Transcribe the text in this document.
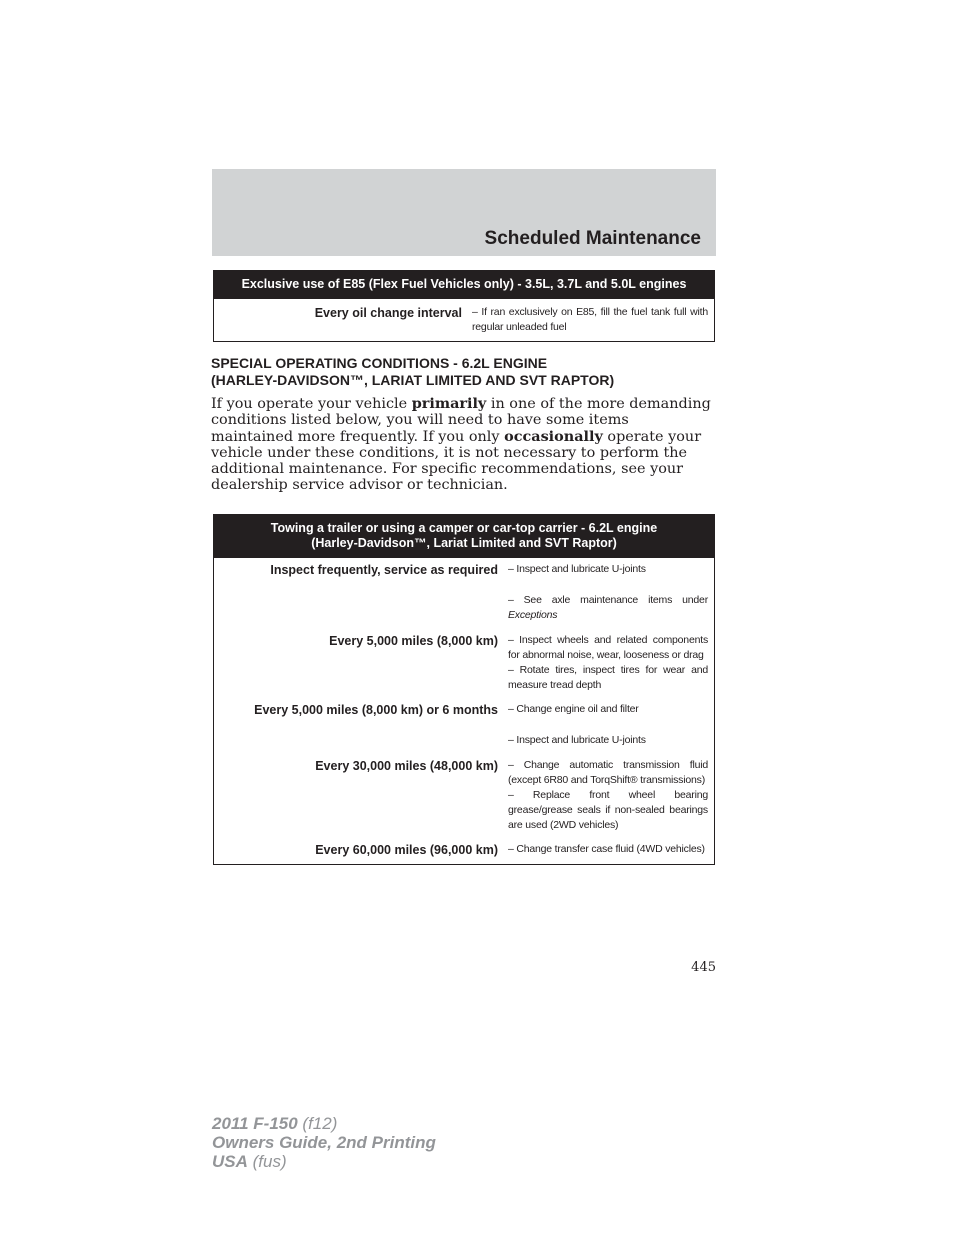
Scheduled Maintenance
Exclusive use of E85 (Flex Fuel Vehicles only) - 3.5L, 3.7L and 5.0L engines
Every oil change interval	– If ran exclusively on E85, fill the fuel tank full with regular unleaded fuel
SPECIAL OPERATING CONDITIONS - 6.2L ENGINE
(HARLEY-DAVIDSON™, LARIAT LIMITED AND SVT RAPTOR)

If you operate your vehicle primarily in one of the more demanding conditions listed below, you will need to have some items maintained more frequently. If you only occasionally operate your vehicle under these conditions, it is not necessary to perform the additional maintenance. For specific recommendations, see your dealership service advisor or technician.

Towing a trailer or using a camper or car-top carrier - 6.2L engine
(Harley-Davidson™, Lariat Limited and SVT Raptor)
Inspect frequently, service as required	– Inspect and lubricate U-joints
– See axle maintenance items under Exceptions

Every 5,000 miles (8,000 km)	– Inspect wheels and related components for abnormal noise, wear, looseness or drag
– Rotate tires, inspect tires for wear and measure tread depth

Every 5,000 miles (8,000 km) or 6 months	– Change engine oil and filter
– Inspect and lubricate U-joints

Every 30,000 miles (48,000 km)	– Change automatic transmission fluid (except 6R80 and TorqShift® transmissions)
– Replace front wheel bearing grease/grease seals if non-sealed bearings are used (2WD vehicles)

Every 60,000 miles (96,000 km)	– Change transfer case fluid (4WD vehicles)
445
2011 F-150 (f12)
Owners Guide, 2nd Printing
USA (fus)
